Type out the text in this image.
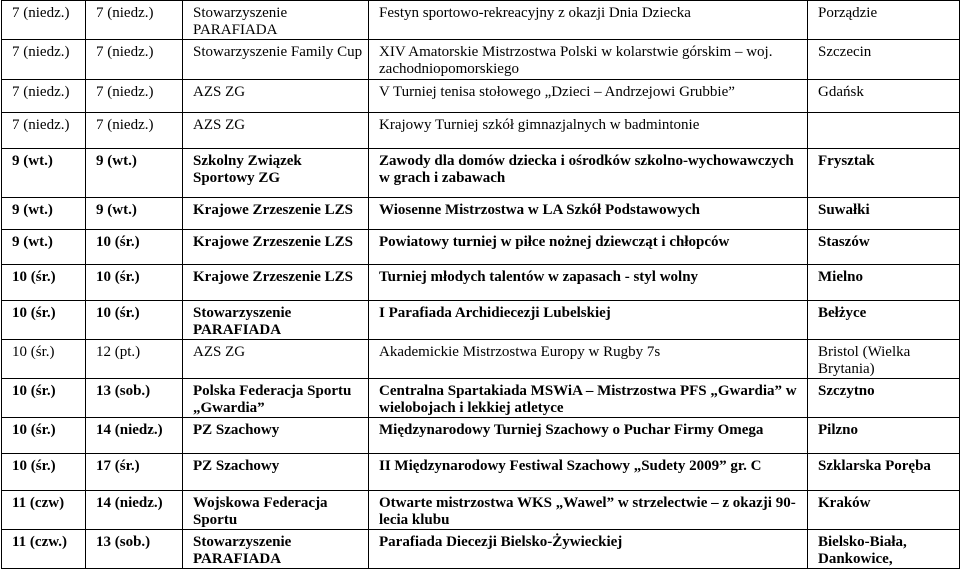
7 (niedz.)	7 (niedz.)	Stowarzyszenie PARAFIADA	Festyn sportowo-rekreacyjny z okazji Dnia Dziecka	Porządzie
7 (niedz.)	7 (niedz.)	Stowarzyszenie Family Cup	XIV Amatorskie Mistrzostwa Polski w kolarstwie górskim – woj. zachodniopomorskiego	Szczecin
7 (niedz.)	7 (niedz.)	AZS ZG	V Turniej tenisa stołowego „Dzieci – Andrzejowi Grubbie”	Gdańsk
7 (niedz.)	7 (niedz.)	AZS ZG	Krajowy Turniej szkół gimnazjalnych w badmintonie	
9 (wt.)	9 (wt.)	Szkolny Związek Sportowy ZG	Zawody dla domów dziecka i ośrodków szkolno-wychowawczych w grach i zabawach	Frysztak
9 (wt.)	9 (wt.)	Krajowe Zrzeszenie LZS	Wiosenne Mistrzostwa w LA Szkół Podstawowych	Suwałki
9 (wt.)	10 (śr.)	Krajowe Zrzeszenie LZS	Powiatowy turniej w piłce nożnej dziewcząt i chłopców	Staszów
10 (śr.)	10 (śr.)	Krajowe Zrzeszenie LZS	Turniej młodych talentów w zapasach - styl wolny	Mielno
10 (śr.)	10 (śr.)	Stowarzyszenie PARAFIADA	I Parafiada Archidiecezji Lubelskiej	Bełżyce
10 (śr.)	12 (pt.)	AZS ZG	Akademickie Mistrzostwa Europy w Rugby 7s	Bristol (Wielka Brytania)
10 (śr.)	13 (sob.)	Polska Federacja Sportu „Gwardia”	Centralna Spartakiada MSWiA – Mistrzostwa PFS „Gwardia” w wielobojach i lekkiej atletyce	Szczytno
10 (śr.)	14 (niedz.)	PZ Szachowy	Międzynarodowy Turniej Szachowy o Puchar Firmy Omega	Pilzno
10 (śr.)	17 (śr.)	PZ Szachowy	II Międzynarodowy Festiwal Szachowy „Sudety 2009” gr. C	Szklarska Poręba
11 (czw)	14 (niedz.)	Wojskowa Federacja Sportu	Otwarte mistrzostwa WKS „Wawel” w strzelectwie – z okazji 90-lecia klubu	Kraków
11 (czw.)	13 (sob.)	Stowarzyszenie PARAFIADA	Parafiada Diecezji Bielsko-Żywieckiej	Bielsko-Biała, Dankowice,
